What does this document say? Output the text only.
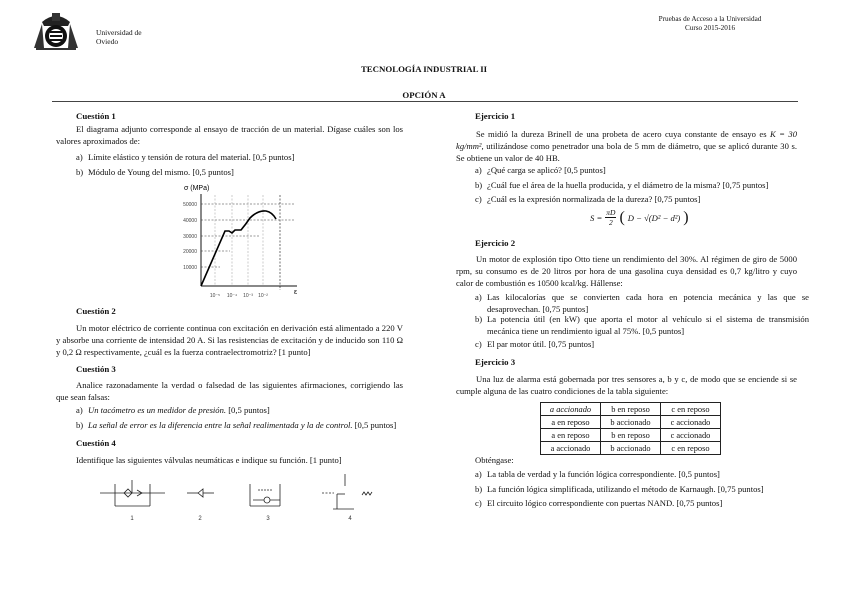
Universidad de
Oviedo
Pruebas de Acceso a la Universidad
Curso 2015-2016
TECNOLOGÍA INDUSTRIAL II
OPCIÓN A
Cuestión 1
El diagrama adjunto corresponde al ensayo de tracción de un material. Dígase cuáles son los valores aproximados de:
a) Límite elástico y tensión de rotura del material. [0,5 puntos]
b) Módulo de Young del mismo. [0,5 puntos]
σ (MPa)
50000
40000
30000
20000
10000
10⁻⁵ 10⁻⁴ 10⁻³ 10⁻²	ε
Cuestión 2
Un motor eléctrico de corriente continua con excitación en derivación está alimentado a 220 V y absorbe una corriente de intensidad 20 A. Si las resistencias de excitación y de inducido son 110 Ω y 0,2 Ω respectivamente, ¿cuál es la fuerza contraelectromotriz? [1 punto]
Cuestión 3
Analice razonadamente la verdad o falsedad de las siguientes afirmaciones, corrigiendo las que sean falsas:
a) Un tacómetro es un medidor de presión. [0,5 puntos]
b) La señal de error es la diferencia entre la señal realimentada y la de control. [0,5 puntos]
Cuestión 4
Identifique las siguientes válvulas neumáticas e indique su función. [1 punto]
1	2	3	4
Ejercicio 1
Se midió la dureza Brinell de una probeta de acero cuya constante de ensayo es K = 30 kg/mm², utilizándose como penetrador una bola de 5 mm de diámetro, que se aplicó durante 30 s. Se obtiene un valor de 40 HB.
a) ¿Qué carga se aplicó? [0,5 puntos]
b) ¿Cuál fue el área de la huella producida, y el diámetro de la misma? [0,75 puntos]
c) ¿Cuál es la expresión normalizada de la dureza? [0,75 puntos]
$S = \frac{\pi D}{2}$ ( D − √(D² − d²) )
Ejercicio 2
Un motor de explosión tipo Otto tiene un rendimiento del 30%. Al régimen de giro de 5000 rpm, su consumo es de 20 litros por hora de una gasolina cuya densidad es 0,7 kg/litro y cuyo calor de combustión es 10500 kcal/kg. Hállense:
a) Las kilocalorías que se convierten cada hora en potencia mecánica y las que se desaprovechan. [0,75 puntos]
b) La potencia útil (en kW) que aporta el motor al vehículo si el sistema de transmisión mecánica tiene un rendimiento igual al 75%. [0,5 puntos]
c) El par motor útil. [0,75 puntos]
Ejercicio 3
Una luz de alarma está gobernada por tres sensores a, b y c, de modo que se enciende si se cumple alguna de las cuatro condiciones de la tabla siguiente:
a accionado	b en reposo	c en reposo
a en reposo	b accionado	c accionado
a en reposo	b en reposo	c accionado
a accionado	b accionado	c en reposo
Obténgase:
a) La tabla de verdad y la función lógica correspondiente. [0,5 puntos]
b) La función lógica simplificada, utilizando el método de Karnaugh. [0,75 puntos]
c) El circuito lógico correspondiente con puertas NAND. [0,75 puntos]
